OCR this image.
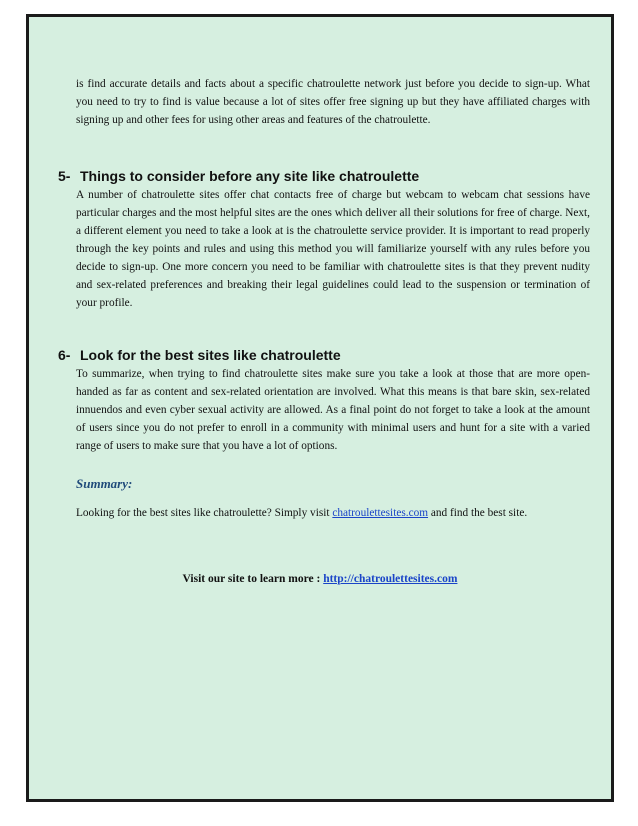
is find accurate details and facts about a specific chatroulette network just before you decide to sign-up. What you need to try to find is value because a lot of sites offer free signing up but they have affiliated charges with signing up and other fees for using other areas and features of the chatroulette.

5- Things to consider before any site like chatroulette

A number of chatroulette sites offer chat contacts free of charge but webcam to webcam chat sessions have particular charges and the most helpful sites are the ones which deliver all their solutions for free of charge. Next, a different element you need to take a look at is the chatroulette service provider. It is important to read properly through the key points and rules and using this method you will familiarize yourself with any rules before you decide to sign-up. One more concern you need to be familiar with chatroulette sites is that they prevent nudity and sex-related preferences and breaking their legal guidelines could lead to the suspension or termination of your profile.

6- Look for the best sites like chatroulette

To summarize, when trying to find chatroulette sites make sure you take a look at those that are more open-handed as far as content and sex-related orientation are involved. What this means is that bare skin, sex-related innuendos and even cyber sexual activity are allowed. As a final point do not forget to take a look at the amount of users since you do not prefer to enroll in a community with minimal users and hunt for a site with a varied range of users to make sure that you have a lot of options.

Summary:

Looking for the best sites like chatroulette? Simply visit chatroulettesites.com and find the best site.

Visit our site to learn more : http://chatroulettesites.com
